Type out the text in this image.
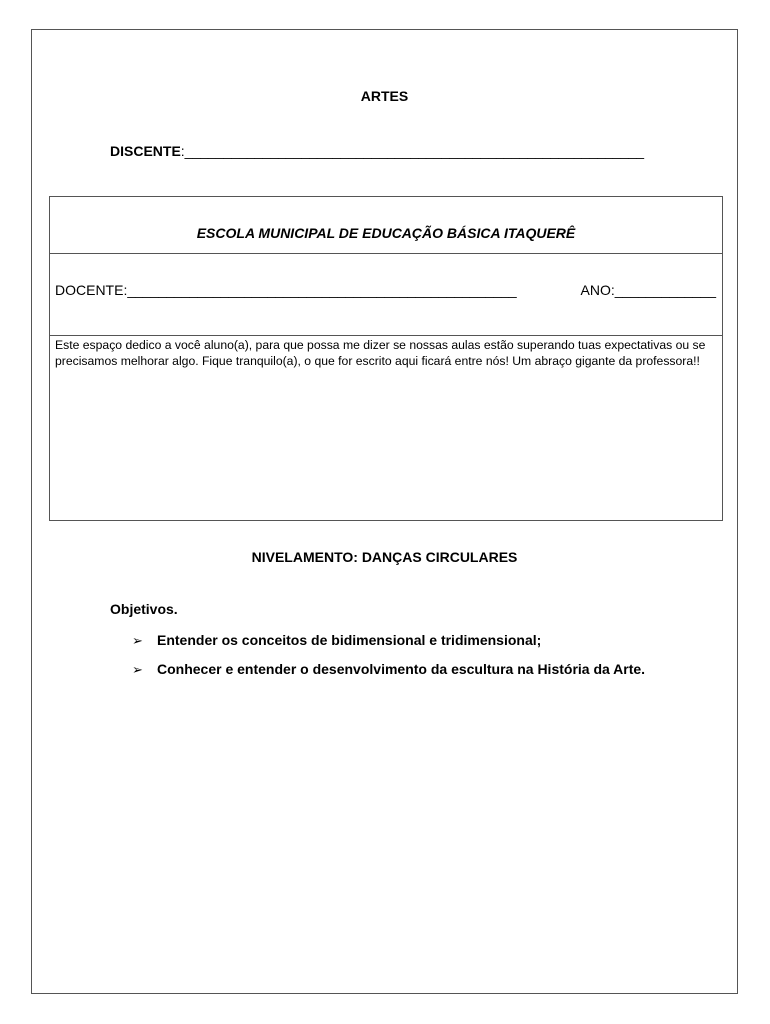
ARTES
DISCENTE:___________________________________________________________
ESCOLA MUNICIPAL DE EDUCAÇÃO BÁSICA ITAQUERÊ
DOCENTE:__________________________________________________	ANO:_____________

Este espaço dedico a você aluno(a), para que possa me dizer se nossas aulas estão superando tuas expectativas ou se precisamos melhorar algo. Fique tranquilo(a), o que for escrito aqui ficará entre nós! Um abraço gigante da professora!!

NIVELAMENTO: DANÇAS CIRCULARES
Objetivos.
➢ Entender os conceitos de bidimensional e tridimensional;
➢ Conhecer e entender o desenvolvimento da escultura na História da Arte.
